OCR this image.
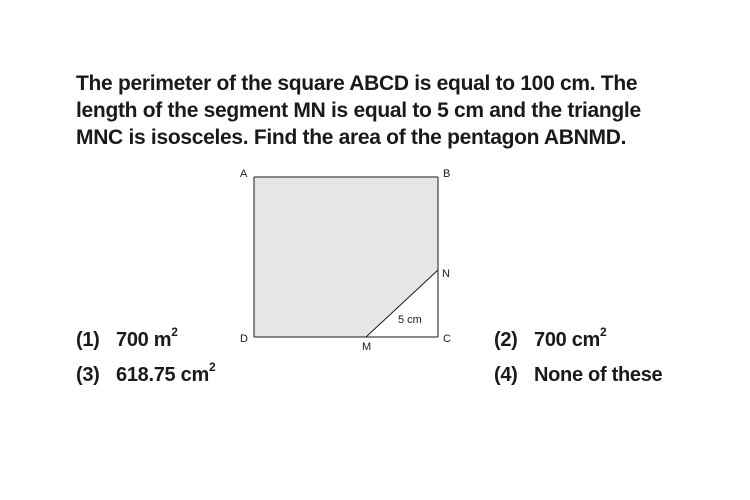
The perimeter of the square ABCD is equal to 100 cm. The
length of the segment MN is equal to 5 cm and the triangle
MNC is isosceles. Find the area of the pentagon ABNMD.
A	B
N
C
D
M
5 cm
(1) 700 $m^2$	(2) 700 $cm^2$
(3) 618.75 $cm^2$	(4) None of these
